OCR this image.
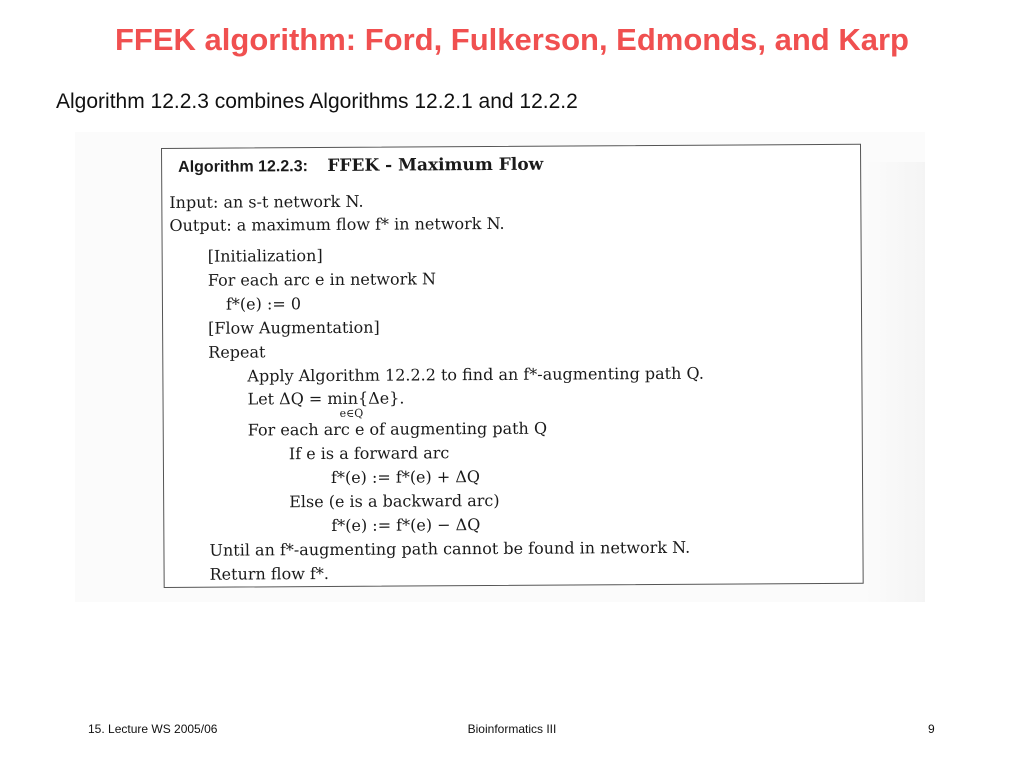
FFEK algorithm: Ford, Fulkerson, Edmonds, and Karp
Algorithm 12.2.3 combines Algorithms 12.2.1 and 12.2.2
Algorithm 12.2.3: FFEK - Maximum Flow
Input: an s-t network N.
Output: a maximum flow f* in network N.
[Initialization]
For each arc e in network N
f*(e) := 0
[Flow Augmentation]
Repeat
Apply Algorithm 12.2.2 to find an f*-augmenting path Q.
Let ΔQ = min{Δe}.
e∈Q
For each arc e of augmenting path Q
If e is a forward arc
f*(e) := f*(e) + ΔQ
Else (e is a backward arc)
f*(e) := f*(e) − ΔQ
Until an f*-augmenting path cannot be found in network N.
Return flow f*.
15. Lecture WS 2005/06	Bioinformatics III	9
